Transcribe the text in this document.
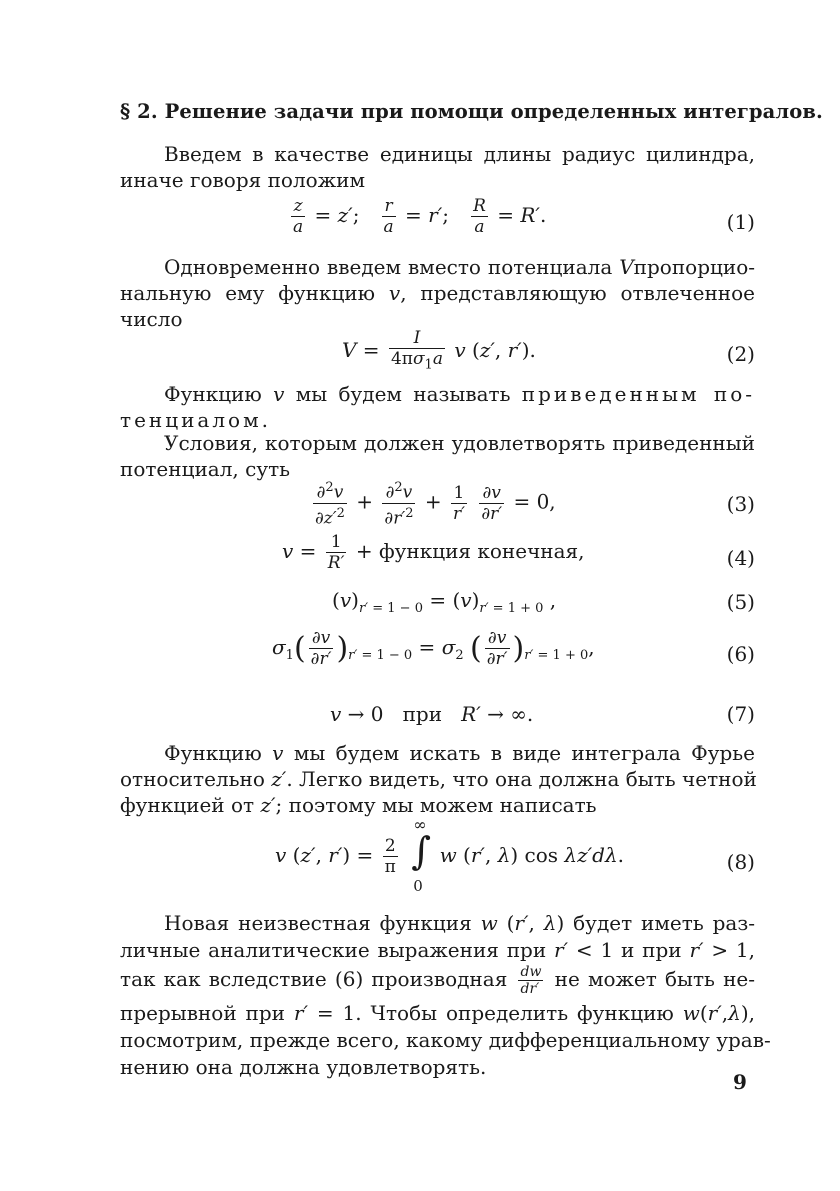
§ 2. Решение задачи при помощи определенных интегралов.
Введем в качестве единицы длины радиус цилиндра,
иначе говоря положим
$\frac{z}{a} = z'$; $\frac{r}{a} = r'$; $\frac{R}{a} = R'$.	(1)
Одновременно введем вместо потенциала Vпропорцио-
нальную ему функцию v, представляющую отвлеченное
число
$V = \frac{I}{4\pi\sigma_1a}$ v (z′, r′).	(2)
Функцию v мы будем называть приведенным по-
тенциалом.
Условия, которым должен удовлетворять приведенный
потенциал, суть
$\frac{\partial^2v}{\partial z'^2} + \frac{\partial^2v}{\partial r'^2} + \frac{1}{r'}$
$\frac{\partial v}{\partial r'} = 0$,	(3)
$v = \frac{1}{R'}$ + функция конечная,	(4)
$(v)_{r' = 1 - 0} = (v)_{r' = 1 + 0}$ ,	(5)
$\sigma_1( \frac{\partial v}{\partial r'} )_{r' = 1 - 0} = \sigma_2$ ( $\frac{\partial v}{\partial r'} )_{r' = 1 + 0}$,	(6)
v → 0   при R′ → ∞.	(7)
Функцию v мы будем искать в виде интеграла Фурье
относительно z′. Легко видеть, что она должна быть четной
функцией от z′; поэтому мы можем написать
v (z′, $r') = \frac{2}{\pi}$
∫
∞
0
w (r′, λ) cos λz′dλ.	(8)
Новая неизвестная функция w (r′, λ) будет иметь раз-
личные аналитические выражения при r′ < 1 и при r′ > 1,
так как вследствие (6) производная $\frac{dw}{dr'}$ не может быть не-
прерывной при r′ = 1. Чтобы определить функцию w(r′,λ),
посмотрим, прежде всего, какому дифференциальному урав-
нению она должна удовлетворять.
9
